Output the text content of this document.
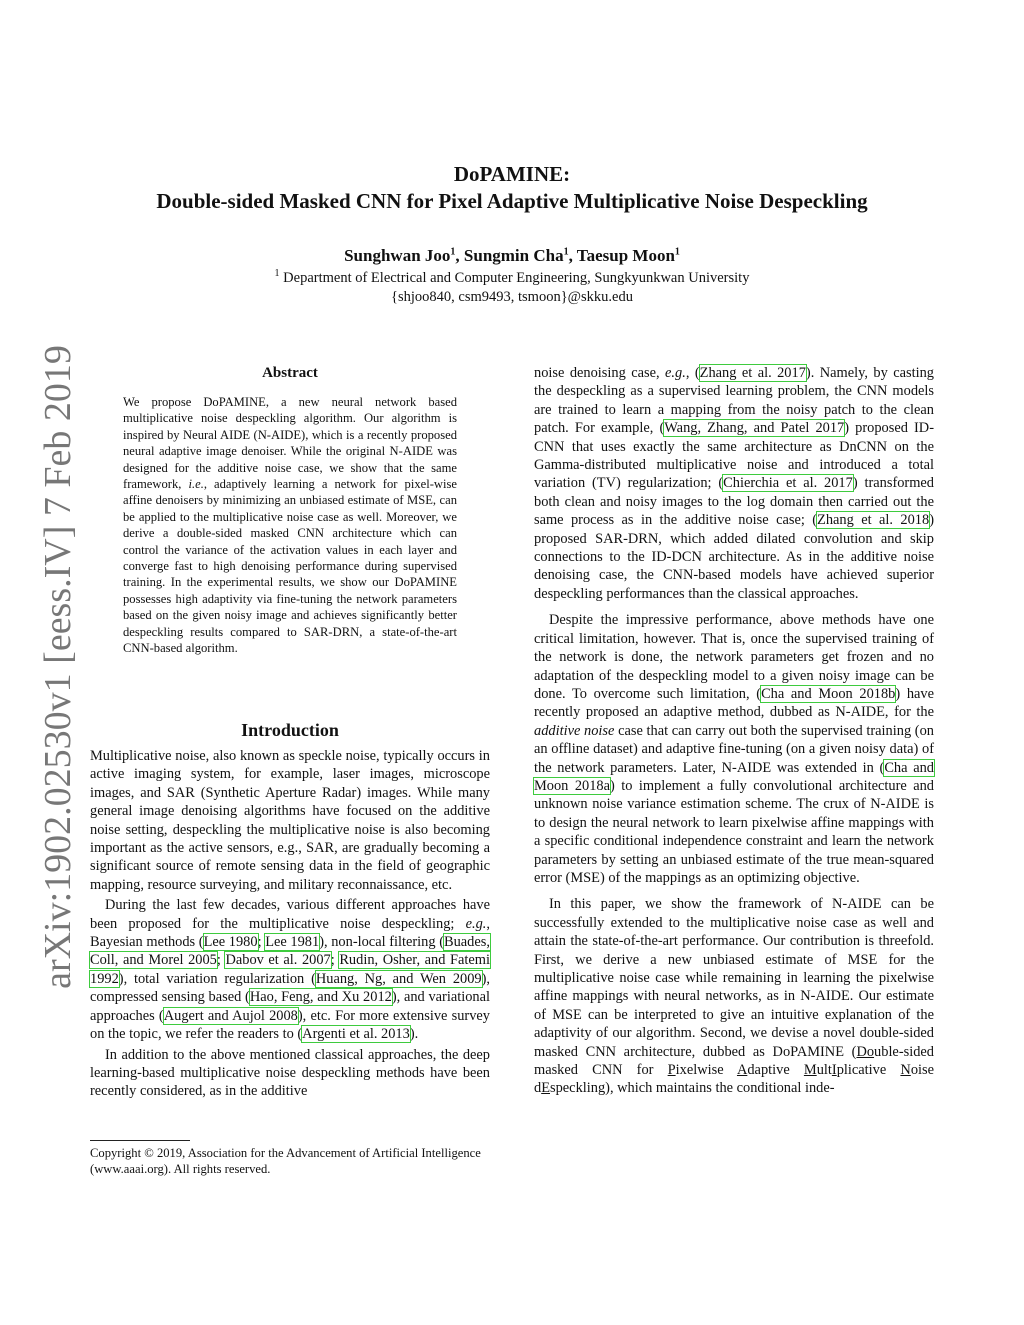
DoPAMINE:
Double-sided Masked CNN for Pixel Adaptive Multiplicative Noise Despeckling
Sunghwan Joo$^1$, Sungmin Cha$^1$, Taesup Moon$^1$
$^1$ Department of Electrical and Computer Engineering, Sungkyunkwan University
{shjoo840, csm9493, tsmoon}@skku.edu
arXiv:1902.02530v1 [eess.IV] 7 Feb 2019	Abstract
We propose DoPAMINE, a new neural network based multiplicative noise despeckling algorithm. Our algorithm is inspired by Neural AIDE (N-AIDE), which is a recently proposed neural adaptive image denoiser. While the original N-AIDE was designed for the additive noise case, we show that the same framework, i.e., adaptively learning a network for pixel-wise affine denoisers by minimizing an unbiased estimate of MSE, can be applied to the multiplicative noise case as well. Moreover, we derive a double-sided masked CNN architecture which can control the variance of the activation values in each layer and converge fast to high denoising performance during supervised training. In the experimental results, we show our DoPAMINE possesses high adaptivity via fine-tuning the network parameters based on the given noisy image and achieves significantly better despeckling results compared to SAR-DRN, a state-of-the-art CNN-based algorithm.
Introduction

Multiplicative noise, also known as speckle noise, typically occurs in active imaging system, for example, laser images, microscope images, and SAR (Synthetic Aperture Radar) images. While many general image denoising algorithms have focused on the additive noise setting, despeckling the multiplicative noise is also becoming important as the active sensors, e.g., SAR, are gradually becoming a significant source of remote sensing data in the field of geographic mapping, resource surveying, and military reconnaissance, etc.

During the last few decades, various different approaches have been proposed for the multiplicative noise despeckling; e.g., Bayesian methods (Lee 1980; Lee 1981), non-local filtering (Buades, Coll, and Morel 2005; Dabov et al. 2007; Rudin, Osher, and Fatemi 1992), total variation regularization (Huang, Ng, and Wen 2009), compressed sensing based (Hao, Feng, and Xu 2012), and variational approaches (Augert and Aujol 2008), etc. For more extensive survey on the topic, we refer the readers to (Argenti et al. 2013).

In addition to the above mentioned classical approaches, the deep learning-based multiplicative noise despeckling methods have been recently considered, as in the additive

Copyright © 2019, Association for the Advancement of Artificial Intelligence (www.aaai.org). All rights reserved.

noise denoising case, e.g., (Zhang et al. 2017). Namely, by casting the despeckling as a supervised learning problem, the CNN models are trained to learn a mapping from the noisy patch to the clean patch. For example, (Wang, Zhang, and Patel 2017) proposed ID-CNN that uses exactly the same architecture as DnCNN on the Gamma-distributed multiplicative noise and introduced a total variation (TV) regularization; (Chierchia et al. 2017) transformed both clean and noisy images to the log domain then carried out the same process as in the additive noise case; (Zhang et al. 2018) proposed SAR-DRN, which added dilated convolution and skip connections to the ID-DCN architecture. As in the additive noise denoising case, the CNN-based models have achieved superior despeckling performances than the classical approaches.

Despite the impressive performance, above methods have one critical limitation, however. That is, once the supervised training of the network is done, the network parameters get frozen and no adaptation of the despeckling model to a given noisy image can be done. To overcome such limitation, (Cha and Moon 2018b) have recently proposed an adaptive method, dubbed as N-AIDE, for the additive noise case that can carry out both the supervised training (on an offline dataset) and adaptive fine-tuning (on a given noisy data) of the network parameters. Later, N-AIDE was extended in (Cha and Moon 2018a) to implement a fully convolutional architecture and unknown noise variance estimation scheme. The crux of N-AIDE is to design the neural network to learn pixelwise affine mappings with a specific conditional independence constraint and learn the network parameters by setting an unbiased estimate of the true mean-squared error (MSE) of the mappings as an optimizing objective.

In this paper, we show the framework of N-AIDE can be successfully extended to the multiplicative noise case as well and attain the state-of-the-art performance. Our contribution is threefold. First, we derive a new unbiased estimate of MSE for the multiplicative noise case while remaining in learning the pixelwise affine mappings with neural networks, as in N-AIDE. Our estimate of MSE can be interpreted to give an intuitive explanation of the adaptivity of our algorithm. Second, we devise a novel double-sided masked CNN architecture, dubbed as DoPAMINE (Double-sided masked CNN for Pixelwise Adaptive MultIplicative Noise dEspeckling), which maintains the conditional inde-
